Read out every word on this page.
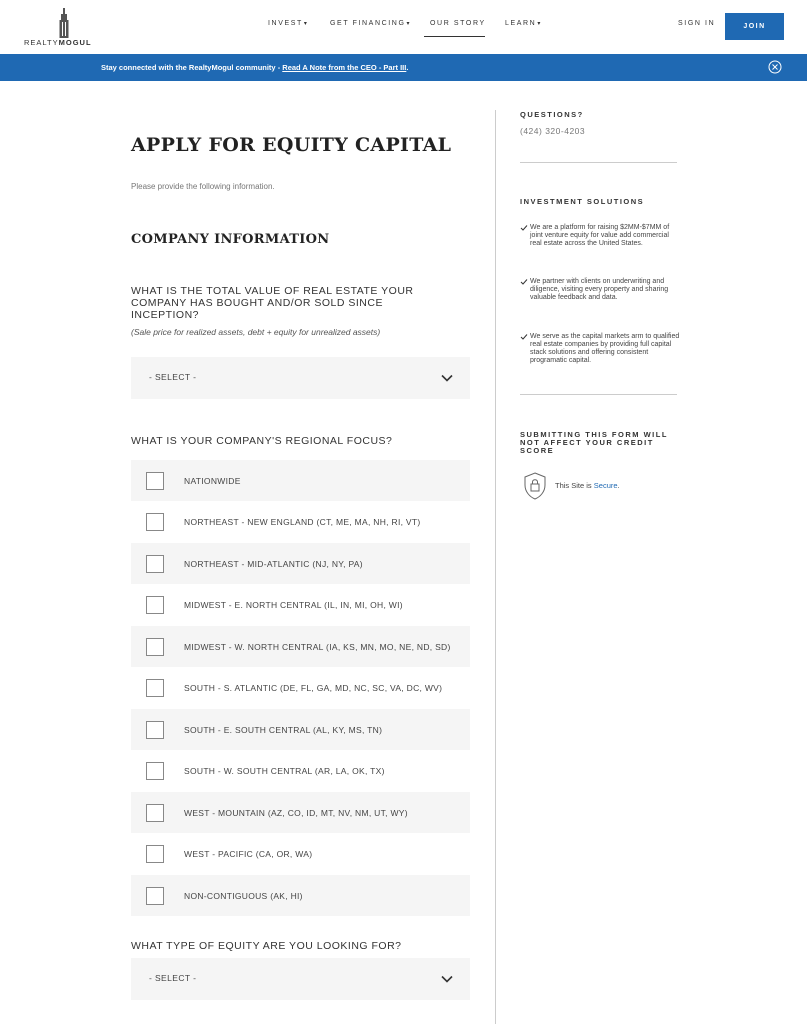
REALTYMOGUL
INVEST▾	GET FINANCING▾	OUR STORY	LEARN▾	SIGN IN	JOIN
Stay connected with the RealtyMogul community - Read A Note from the CEO - Part III.
APPLY FOR EQUITY CAPITAL

Please provide the following information.

COMPANY INFORMATION
WHAT IS THE TOTAL VALUE OF REAL ESTATE YOUR COMPANY HAS BOUGHT AND/OR SOLD SINCE INCEPTION?
(Sale price for realized assets, debt + equity for unrealized assets)
- SELECT -
WHAT IS YOUR COMPANY'S REGIONAL FOCUS?
NATIONWIDE
NORTHEAST - NEW ENGLAND (CT, ME, MA, NH, RI, VT)
NORTHEAST - MID-ATLANTIC (NJ, NY, PA)
MIDWEST - E. NORTH CENTRAL (IL, IN, MI, OH, WI)
MIDWEST - W. NORTH CENTRAL (IA, KS, MN, MO, NE, ND, SD)
SOUTH - S. ATLANTIC (DE, FL, GA, MD, NC, SC, VA, DC, WV)
SOUTH - E. SOUTH CENTRAL (AL, KY, MS, TN)
SOUTH - W. SOUTH CENTRAL (AR, LA, OK, TX)
WEST - MOUNTAIN (AZ, CO, ID, MT, NV, NM, UT, WY)
WEST - PACIFIC (CA, OR, WA)
NON-CONTIGUOUS (AK, HI)
WHAT TYPE OF EQUITY ARE YOU LOOKING FOR?
- SELECT -
QUESTIONS?
(424) 320-4203
INVESTMENT SOLUTIONS
We are a platform for raising $2MM-$7MM of joint venture equity for value add commercial real estate across the United States.
We partner with clients on underwriting and diligence, visiting every property and sharing valuable feedback and data.
We serve as the capital markets arm to qualified real estate companies by providing full capital stack solutions and offering consistent programatic capital.
SUBMITTING THIS FORM WILL NOT AFFECT YOUR CREDIT SCORE
This Site is Secure.
